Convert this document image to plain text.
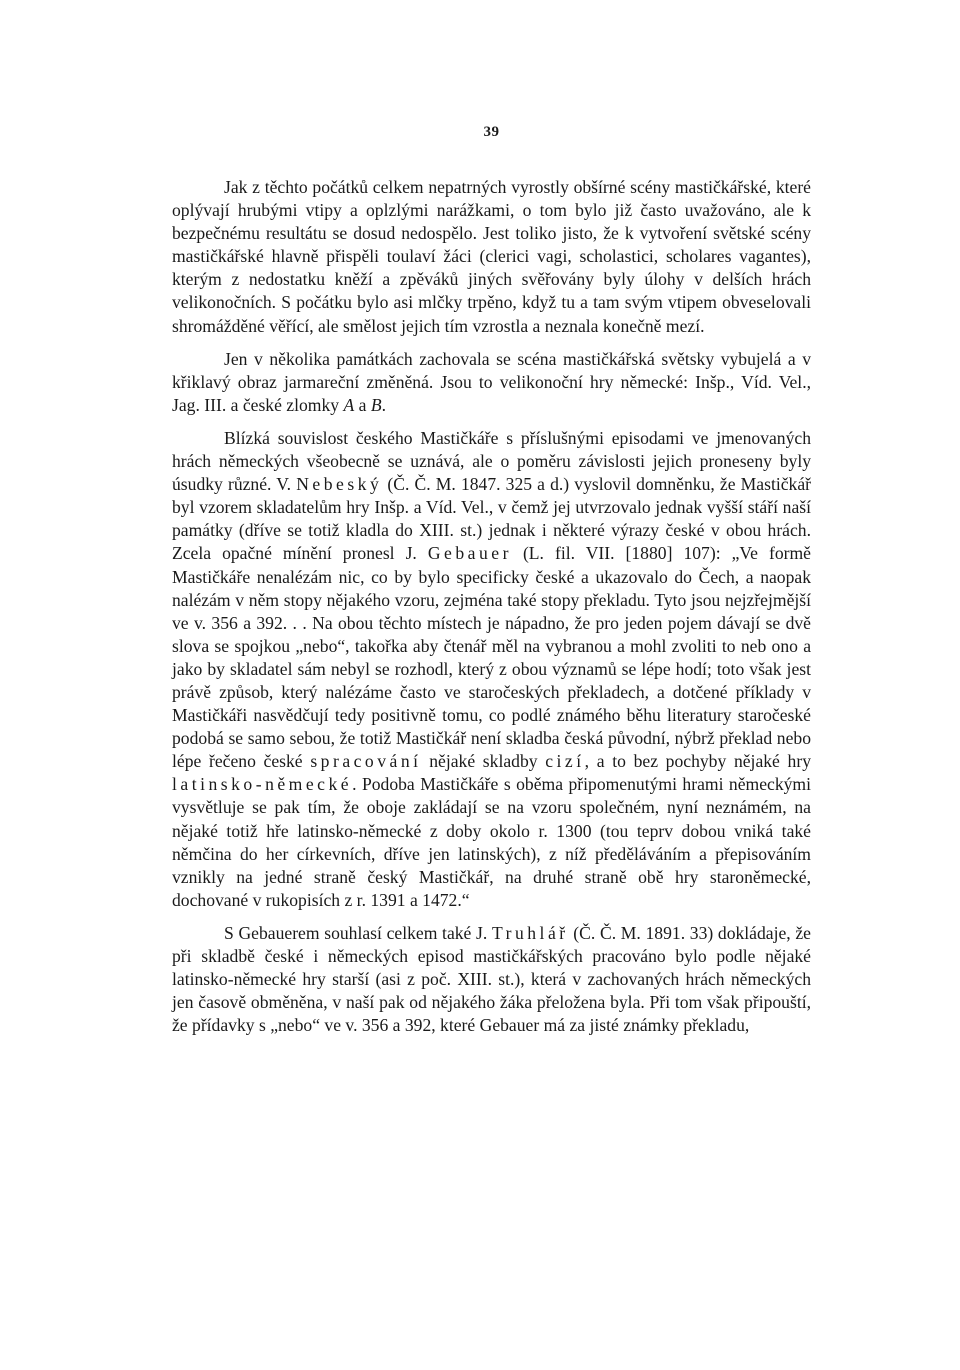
39

Jak z těchto počátků celkem nepatrných vyrostly obšírné scény mastičkářské, které oplývají hrubými vtipy a oplzlými narážkami, o tom bylo již často uvažováno, ale k bezpečnému resultátu se dosud nedospělo. Jest toliko jisto, že k vytvoření světské scény mastičkářské hlavně přispěli toulaví žáci (clerici vagi, scholastici, scholares vagantes), kterým z nedostatku kněží a zpěváků jiných svěřovány byly úlohy v delších hrách velikonočních. S počátku bylo asi mlčky trpěno, když tu a tam svým vtipem obveselovali shromážděné věřící, ale smělost jejich tím vzrostla a neznala konečně mezí.

Jen v několika památkách zachovala se scéna mastičkářská světsky vybujelá a v křiklavý obraz jarmareční změněná. Jsou to velikonoční hry německé: Inšp., Víd. Vel., Jag. III. a české zlomky A a B.

Blízká souvislost českého Mastičkáře s příslušnými episodami ve jmenovaných hrách německých všeobecně se uznává, ale o poměru závislosti jejich proneseny byly úsudky různé. V. Nebeský (Č. Č. M. 1847. 325 a d.) vyslovil domněnku, že Mastičkář byl vzorem skladatelům hry Inšp. a Víd. Vel., v čemž jej utvrzovalo jednak vyšší stáří naší památky (dříve se totiž kladla do XIII. st.) jednak i některé výrazy české v obou hrách. Zcela opačné mínění pronesl J. Gebauer (L. fil. VII. [1880] 107): „Ve formě Mastičkáře nenalézám nic, co by bylo specificky české a ukazovalo do Čech, a naopak nalézám v něm stopy nějakého vzoru, zejména také stopy překladu. Tyto jsou nejzřejmější ve v. 356 a 392. . . Na obou těchto místech je nápadno, že pro jeden pojem dávají se dvě slova se spojkou „nebo“, takořka aby čtenář měl na vybranou a mohl zvoliti to neb ono a jako by skladatel sám nebyl se rozhodl, který z obou významů se lépe hodí; toto však jest právě způsob, který nalézáme často ve staročeských překladech, a dotčené příklady v Mastičkáři nasvědčují tedy positivně tomu, co podlé známého běhu literatury staročeské podobá se samo sebou, že totiž Mastičkář není skladba česká původní, nýbrž překlad nebo lépe řečeno české spracování nějaké skladby cizí, a to bez pochyby nějaké hry latinsko-německé. Podoba Mastičkáře s oběma připomenutými hrami německými vysvětluje se pak tím, že oboje zakládají se na vzoru společném, nyní neznámém, na nějaké totiž hře latinsko-německé z doby okolo r. 1300 (tou teprv dobou vniká také němčina do her církevních, dříve jen latinských), z níž předěláváním a přepisováním vznikly na jedné straně český Mastičkář, na druhé straně obě hry staroněmecké, dochované v rukopisích z r. 1391 a 1472.“

S Gebauerem souhlasí celkem také J. Truhlář (Č. Č. M. 1891. 33) dokládaje, že při skladbě české i německých episod mastičkářských pracováno bylo podle nějaké latinsko-německé hry starší (asi z poč. XIII. st.), která v zachovaných hrách německých jen časově obměněna, v naší pak od nějakého žáka přeložena byla. Při tom však připouští, že přídavky s „nebo“ ve v. 356 a 392, které Gebauer má za jisté známky překladu,
